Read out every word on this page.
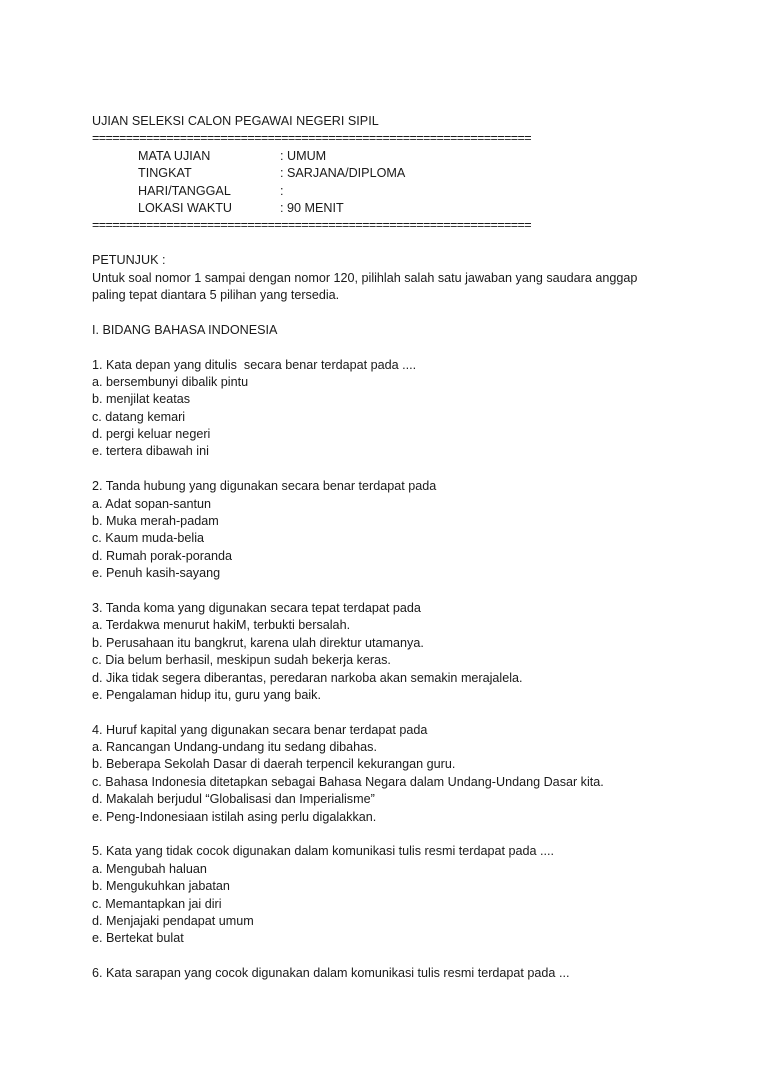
UJIAN SELEKSI CALON PEGAWAI NEGERI SIPIL
=================================================================
MATA UJIAN	: UMUM
TINGKAT	: SARJANA/DIPLOMA
HARI/TANGGAL	:
LOKASI WAKTU	: 90 MENIT
=================================================================
PETUNJUK :
Untuk soal nomor 1 sampai dengan nomor 120, pilihlah salah satu jawaban yang saudara anggap paling tepat diantara 5 pilihan yang tersedia.
I. BIDANG BAHASA INDONESIA
1. Kata depan yang ditulis  secara benar terdapat pada ....
a. bersembunyi dibalik pintu
b. menjilat keatas
c. datang kemari
d. pergi keluar negeri
e. tertera dibawah ini
2. Tanda hubung yang digunakan secara benar terdapat pada
a. Adat sopan-santun
b. Muka merah-padam
c. Kaum muda-belia
d. Rumah porak-poranda
e. Penuh kasih-sayang
3. Tanda koma yang digunakan secara tepat terdapat pada
a. Terdakwa menurut hakiM, terbukti bersalah.
b. Perusahaan itu bangkrut, karena ulah direktur utamanya.
c. Dia belum berhasil, meskipun sudah bekerja keras.
d. Jika tidak segera diberantas, peredaran narkoba akan semakin merajalela.
e. Pengalaman hidup itu, guru yang baik.
4. Huruf kapital yang digunakan secara benar terdapat pada
a. Rancangan Undang-undang itu sedang dibahas.
b. Beberapa Sekolah Dasar di daerah terpencil kekurangan guru.
c. Bahasa Indonesia ditetapkan sebagai Bahasa Negara dalam Undang-Undang Dasar kita.
d. Makalah berjudul “Globalisasi dan Imperialisme”
e. Peng-Indonesiaan istilah asing perlu digalakkan.
5. Kata yang tidak cocok digunakan dalam komunikasi tulis resmi terdapat pada ....
a. Mengubah haluan
b. Mengukuhkan jabatan
c. Memantapkan jai diri
d. Menjajaki pendapat umum
e. Bertekat bulat
6. Kata sarapan yang cocok digunakan dalam komunikasi tulis resmi terdapat pada ...
